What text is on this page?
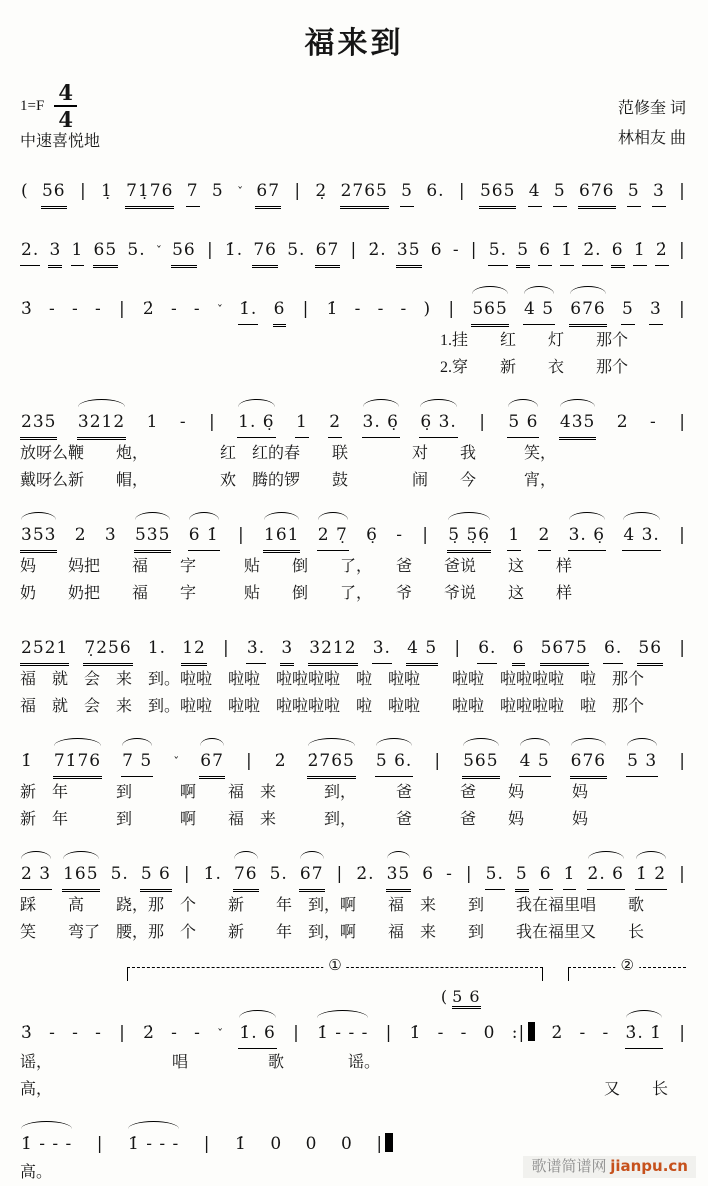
福来到
$1=F \frac{4}{4}$
中速喜悦地
范修奎 词
林相友 曲
( 56 | 1̣ 71̣76 7 5 ˇ 67 | 2̣ 2765 5 6. | 565 4 5 676 5 3 |
2. 3 1 65 5. ˇ 56 | 1̇. 76 5. 67 | 2̇. 35 6 - | 5. 5 6 1̇ 2̇. 6 1̇ 2̇ |
3̇ - - - | 2̇ - - ˇ 1̇. 6 | 1̇ - - - ) | 565 4 5 676 5 3 |
1.挂　　红　　灯　　那个
2.穿　　新　　衣　　那个
235 3212 1 - | 1. 6̣ 1 2 3. 6̣ 6̣ 3. | 5 6 435 2 - |
放呀么鞭　　炮，　　　　　红　红的春　　联　　　　对　　我　　　笑，
戴呀么新　　帽，　　　　　欢　腾的锣　　鼓　　　　闹　　今　　　宵，
353 2 3 535 6 1̇ | 161 2 7̣ 6̣ - | 5̣ 5̣6̣ 1 2 3. 6̣ 4 3. |
妈　　妈把　　福　　字　　　贴　　倒　　了，　　爸　　爸说　　这　　样
奶　　奶把　　福　　字　　　贴　　倒　　了，　　爷　　爷说　　这　　样
2521 7̣256 1. 12 | 3. 3 3212 3. 4 5 | 6. 6 5675 6. 56 |
福　就　会　来　到。啦啦　啦啦　啦啦啦啦　啦　啦啦　　啦啦　啦啦啦啦　啦　那个
福　就　会　来　到。啦啦　啦啦　啦啦啦啦　啦　啦啦　　啦啦　啦啦啦啦　啦　那个
1̇ 71̇76 7 5 ˇ 67 | 2̇ 2̇765 5 6. | 565 4 5 676 5 3 |
新　年　　　到　　　啊　　福　来　　　到，　　　爸　　　爸　　妈　　　妈
新　年　　　到　　　啊　　福　来　　　到，　　　爸　　　爸　　妈　　　妈
2 3 165 5. 5 6 | 1̇. 76 5. 67 | 2̇. 35 6 - | 5. 5 6 1̇ 2̇. 6 1̇ 2̇ |
踩　　高　　跷，那　个　　新　　年　到，啊　　福　来　　到　　我在福里唱　　歌
笑　　弯了　腰，那　个　　新　　年　到，啊　　福　来　　到　　我在福里又　　长
①	②
( 5 6
3̇ - - - | 2̇ - - ˇ 1̇. 6 | 1̇ - - - | 1̇ - - 0 :|	2̇ - - 3̇. 1̇ |
谣，　　　　　　　　唱　　　　　歌　　　　谣。
高，　　　　　　　　　　　　　　　　　　　　　　　　　　　　　　　　　　　又　　长
1̇ - - - | 1̇ - - - | 1̇ 0 0 0 |
高。	歌谱简谱网 jianpu.cn
